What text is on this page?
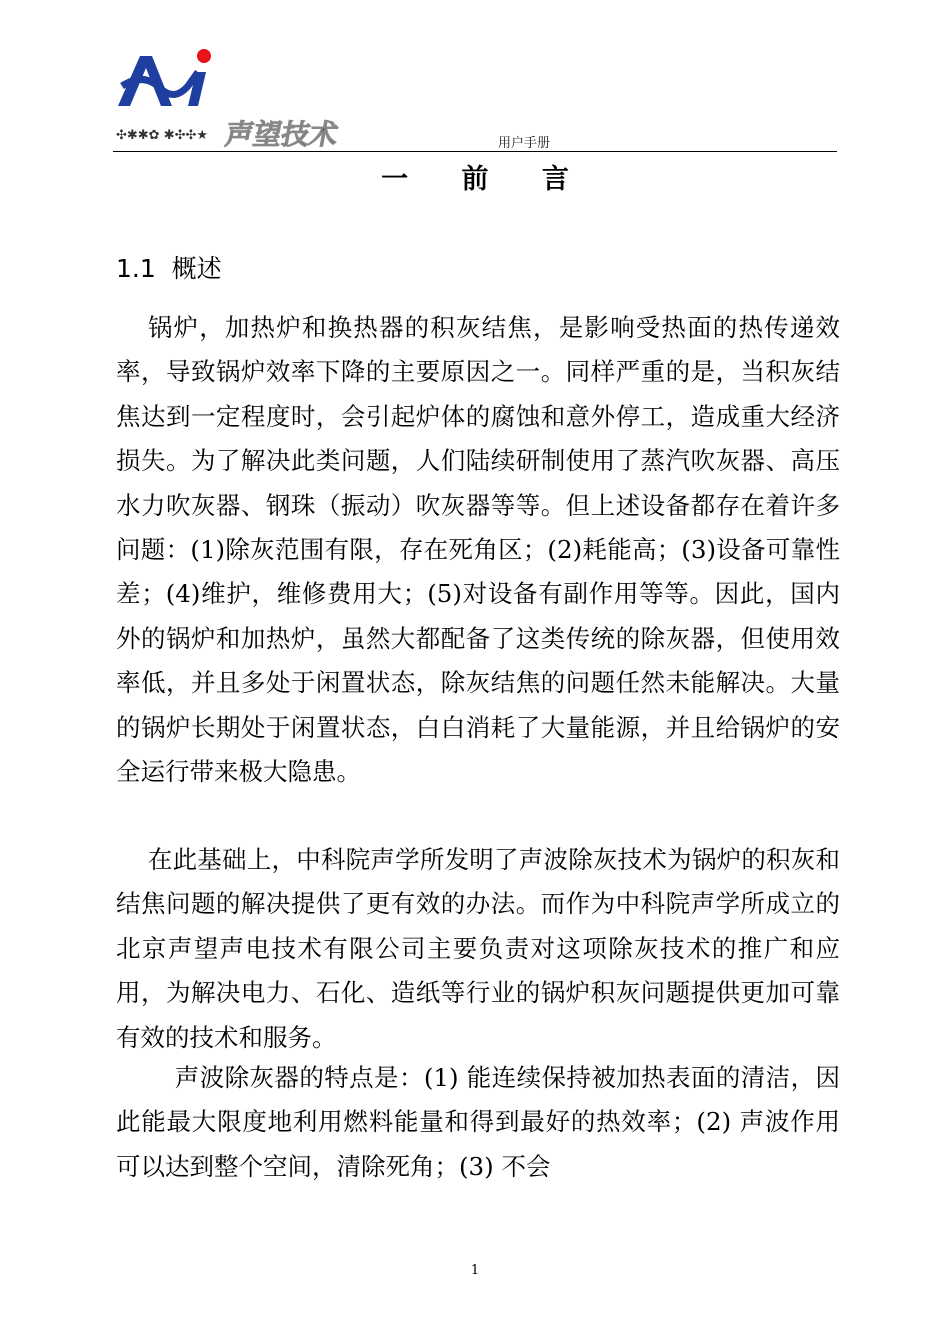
✣✱✱✿ ✱✣✣★ 声望技术	用户手册
一 前 言
1.1 概述

锅炉，加热炉和换热器的积灰结焦，是影响受热面的热传递效率，导致锅炉效率下降的主要原因之一。同样严重的是，当积灰结焦达到一定程度时，会引起炉体的腐蚀和意外停工，造成重大经济损失。为了解决此类问题，人们陆续研制使用了蒸汽吹灰器、高压水力吹灰器、钢珠（振动）吹灰器等等。但上述设备都存在着许多问题：(1)除灰范围有限，存在死角区；(2)耗能高；(3)设备可靠性差；(4)维护，维修费用大；(5)对设备有副作用等等。因此，国内外的锅炉和加热炉，虽然大都配备了这类传统的除灰器，但使用效率低，并且多处于闲置状态，除灰结焦的问题任然未能解决。大量的锅炉长期处于闲置状态，白白消耗了大量能源，并且给锅炉的安全运行带来极大隐患。

在此基础上，中科院声学所发明了声波除灰技术为锅炉的积灰和结焦问题的解决提供了更有效的办法。而作为中科院声学所成立的北京声望声电技术有限公司主要负责对这项除灰技术的推广和应用，为解决电力、石化、造纸等行业的锅炉积灰问题提供更加可靠有效的技术和服务。

声波除灰器的特点是：(1) 能连续保持被加热表面的清洁，因此能最大限度地利用燃料能量和得到最好的热效率；(2) 声波作用可以达到整个空间，清除死角；(3) 不会

1
